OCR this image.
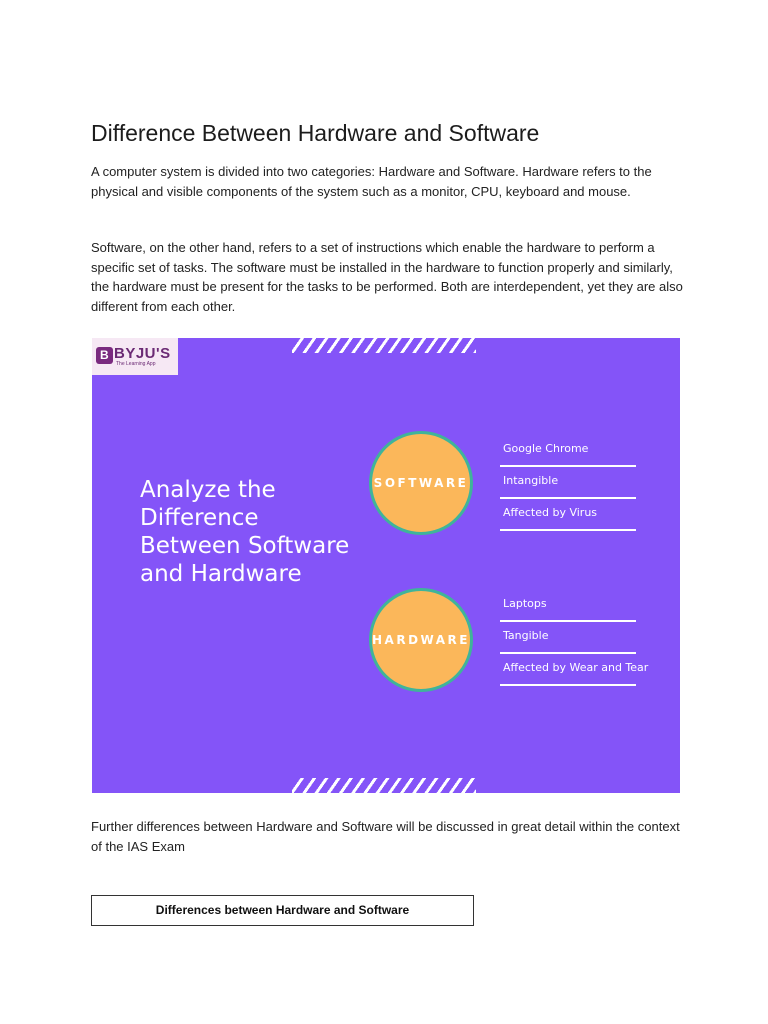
Difference Between Hardware and Software

A computer system is divided into two categories: Hardware and Software. Hardware refers to the physical and visible components of the system such as a monitor, CPU, keyboard and mouse.

Software, on the other hand, refers to a set of instructions which enable the hardware to perform a specific set of tasks. The software must be installed in the hardware to function properly and similarly, the hardware must be present for the tasks to be performed. Both are interdependent, yet they are also different from each other.

B
BYJU'S
The Learning App

Analyze the Difference Between Software and Hardware

SOFTWARE
HARDWARE
Google Chrome
Intangible
Affected by Virus
Laptops
Tangible
Affected by Wear and Tear

Further differences between Hardware and Software will be discussed in great detail within the context of the IAS Exam

Differences between Hardware and Software
